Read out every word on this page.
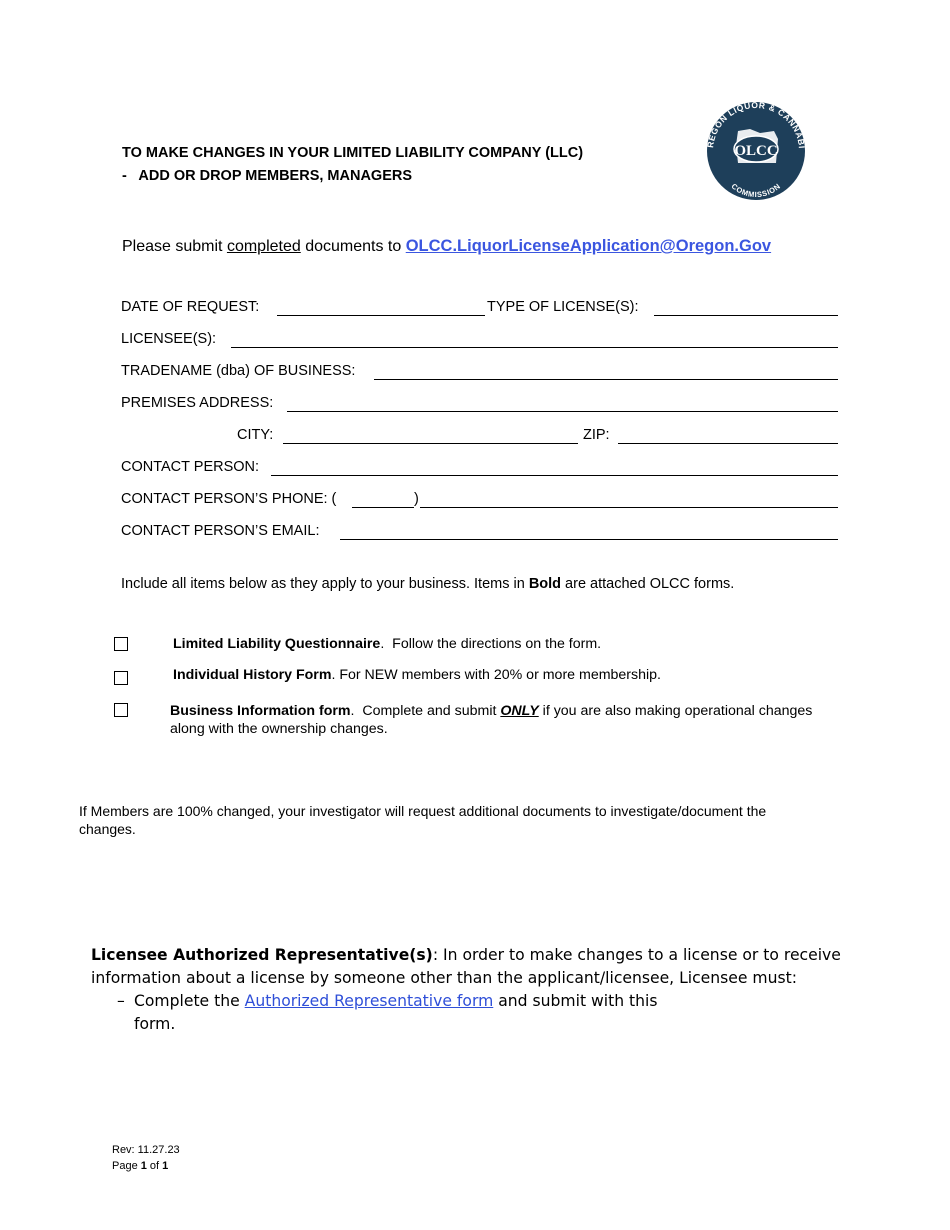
REGON LIQUOR & CANNABI
COMMISSION
OLCC
TO MAKE CHANGES IN YOUR LIMITED LIABILITY COMPANY (LLC)
-   ADD OR DROP MEMBERS, MANAGERS
Please submit completed documents to OLCC.LiquorLicenseApplication@Oregon.Gov
DATE OF REQUEST:	TYPE OF LICENSE(S):
LICENSEE(S):
TRADENAME (dba) OF BUSINESS:
PREMISES ADDRESS:
CITY:	ZIP:
CONTACT PERSON:
CONTACT PERSON’S PHONE: (	)
CONTACT PERSON’S EMAIL:
Include all items below as they apply to your business. Items in Bold are attached OLCC forms.
Limited Liability Questionnaire.  Follow the directions on the form.
Individual History Form. For NEW members with 20% or more membership.
Business Information form.  Complete and submit ONLY if you are also making operational changes along with the ownership changes.
If Members are 100% changed, your investigator will request additional documents to investigate/document the changes.
Licensee Authorized Representative(s): In order to make changes to a license or to receive information about a license by someone other than the applicant/licensee, Licensee must:
– Complete the Authorized Representative form and submit with this form.
Rev: 11.27.23
Page 1 of 1
